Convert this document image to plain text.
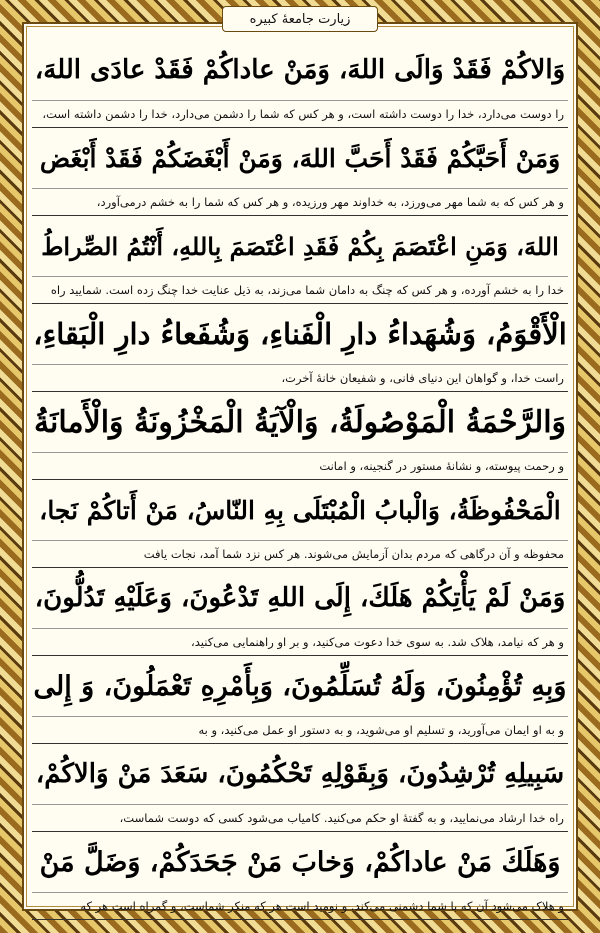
زیارت جامعهٔ کبیره
وَالاكُمْ فَقَدْ وَالَى اللهَ، وَمَنْ عاداكُمْ فَقَدْ عادَى اللهَ،
را دوست می‌دارد، خدا را دوست داشته است، و هر کس که شما را دشمن می‌دارد، خدا را دشمن داشته است،
وَمَنْ أَحَبَّكُمْ فَقَدْ أَحَبَّ اللهَ، وَمَنْ أَبْغَضَكُمْ فَقَدْ أَبْغَض
و هر کس که به شما مهر می‌ورزد، به خداوند مهر ورزیده، و هر کس که شما را به خشم درمی‌آورد،
اللهَ، وَمَنِ اعْتَصَمَ بِكُمْ فَقَدِ اعْتَصَمَ بِاللهِ، أَنْتُمُ الصِّراطُ
خدا را به خشم آورده، و هر کس که چنگ به دامان شما می‌زند، به ذیل عنایت خدا چنگ زده است. شمایید راه
الْأَقْوَمُ، وَشُهَداءُ دارِ الْفَناءِ، وَشُفَعاءُ دارِ الْبَقاءِ،
راست خدا، و گواهان این دنیای فانی، و شفیعان خانهٔ آخرت،
وَالرَّحْمَةُ الْمَوْصُولَةُ، وَالْآيَةُ الْمَخْزُونَةُ وَالْأَمانَةُ
و رحمت پیوسته، و نشانهٔ مستور در گنجینه، و امانت
الْمَحْفُوظَةُ، وَالْبابُ الْمُبْتَلَى بِهِ النّاسُ، مَنْ أَتاكُمْ نَجا،
محفوظه و آن درگاهی که مردم بدان آزمایش می‌شوند. هر کس نزد شما آمد، نجات یافت
وَمَنْ لَمْ يَأْتِكُمْ هَلَكَ، إِلَى اللهِ تَدْعُونَ، وَعَلَيْهِ تَدُلُّونَ،
و هر که نیامد، هلاک شد. به سوی خدا دعوت می‌کنید، و بر او راهنمایی می‌کنید،
وَبِهِ تُؤْمِنُونَ، وَلَهُ تُسَلِّمُونَ، وَبِأَمْرِهِ تَعْمَلُونَ، وَ إِلى
و به او ایمان می‌آورید، و تسلیم او می‌شوید، و به دستور او عمل می‌کنید، و به
سَبِيلِهِ تُرْشِدُونَ، وَبِقَوْلِهِ تَحْكُمُونَ، سَعَدَ مَنْ وَالاكُمْ،
راه خدا ارشاد می‌نمایید، و به گفتهٔ او حکم می‌کنید. کامیاب می‌شود کسی که دوست شماست،
وَهَلَكَ مَنْ عاداكُمْ، وَخابَ مَنْ جَحَدَكُمْ، وَضَلَّ مَنْ
و هلاک می‌شود آن که با شما دشمنی می‌کند. و نومید است هر که منکر شماست، و گمراه است هر که
